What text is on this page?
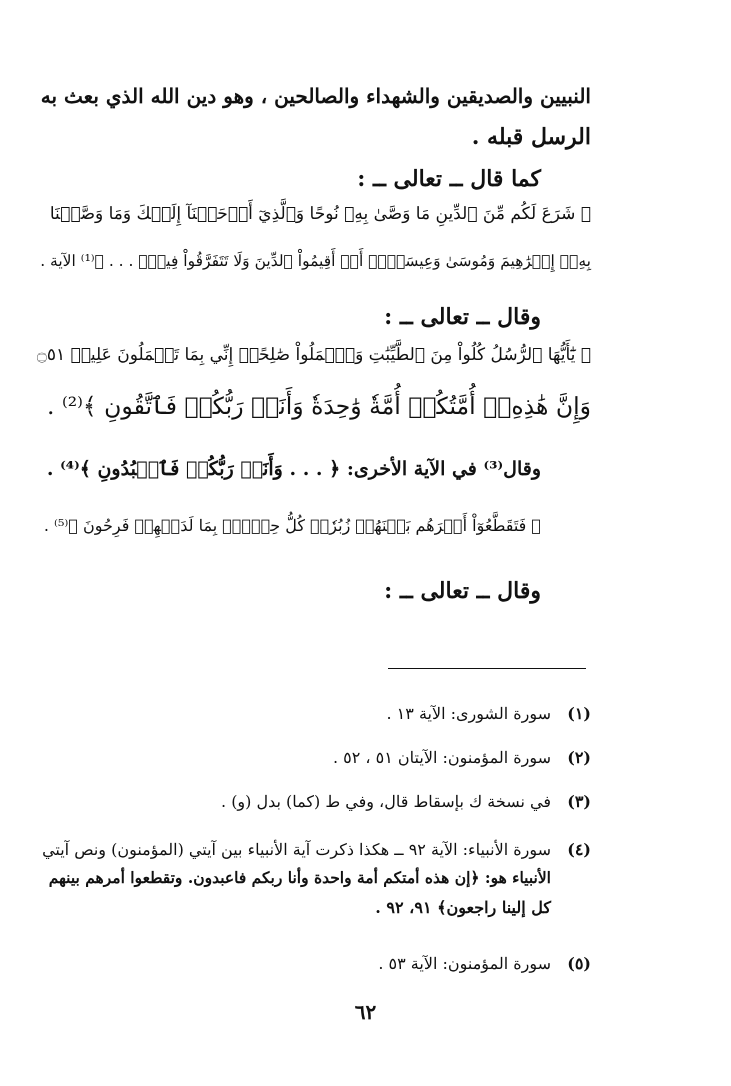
النبيين والصديقين والشهداء والصالحين ، وهو دين الله الذي بعث به
الرسل قبله .
كما قال ــ تعالى ــ :
﴿ شَرَعَ لَكُم مِّنَ ٱلدِّينِ مَا وَصَّىٰ بِهِۦ نُوحًا وَٱلَّذِيٓ أَوۡحَيۡنَآ إِلَيۡكَ وَمَا وَصَّيۡنَا
بِهِۦٓ إِبۡرَٰهِيمَ وَمُوسَىٰ وَعِيسَىٰٓۖ أَنۡ أَقِيمُواْ ٱلدِّينَ وَلَا تَتَفَرَّقُواْ فِيهِۚ . . . ﴾⁽¹⁾ الآية .
وقال ــ تعالى ــ :
﴿ يَٰٓأَيُّهَا ٱلرُّسُلُ كُلُواْ مِنَ ٱلطَّيِّبَٰتِ وَٱعۡمَلُواْ صَٰلِحًاۖ إِنِّي بِمَا تَعۡمَلُونَ عَلِيمٞ ۝٥١
وَإِنَّ هَٰذِهِۦٓ أُمَّتُكُمۡ أُمَّةٗ وَٰحِدَةٗ وَأَنَا۠ رَبُّكُمۡ فَٱتَّقُونِ ﴾⁽²⁾ .
وقال⁽³⁾ في الآية الأخرى: ﴿ . . . وَأَنَا۠ رَبُّكُمۡ فَٱعۡبُدُونِ ﴾⁽⁴⁾ .
﴿ فَتَقَطَّعُوٓاْ أَمۡرَهُم بَيۡنَهُمۡ زُبُرٗاۖ كُلُّ حِزۡبِۢ بِمَا لَدَيۡهِمۡ فَرِحُونَ ﴾⁽⁵⁾ .
وقال ــ تعالى ــ :
(١)
سورة الشورى: الآية ١٣ .
(٢)
سورة المؤمنون: الآيتان ٥١ ، ٥٢ .
(٣)
في نسخة ك بإسقاط قال، وفي ط (كما) بدل (و) .
(٤)
سورة الأنبياء: الآية ٩٢ ــ هكذا ذكرت آية الأنبياء بين آيتي (المؤمنون) ونص آيتي
الأنبياء هو: ﴿إن هذه أمتكم أمة واحدة وأنا ربكم فاعبدون. وتقطعوا أمرهم بينهم
كل إلينا راجعون﴾ ٩١، ٩٢ .
(٥)
سورة المؤمنون: الآية ٥٣ .
٦٢
